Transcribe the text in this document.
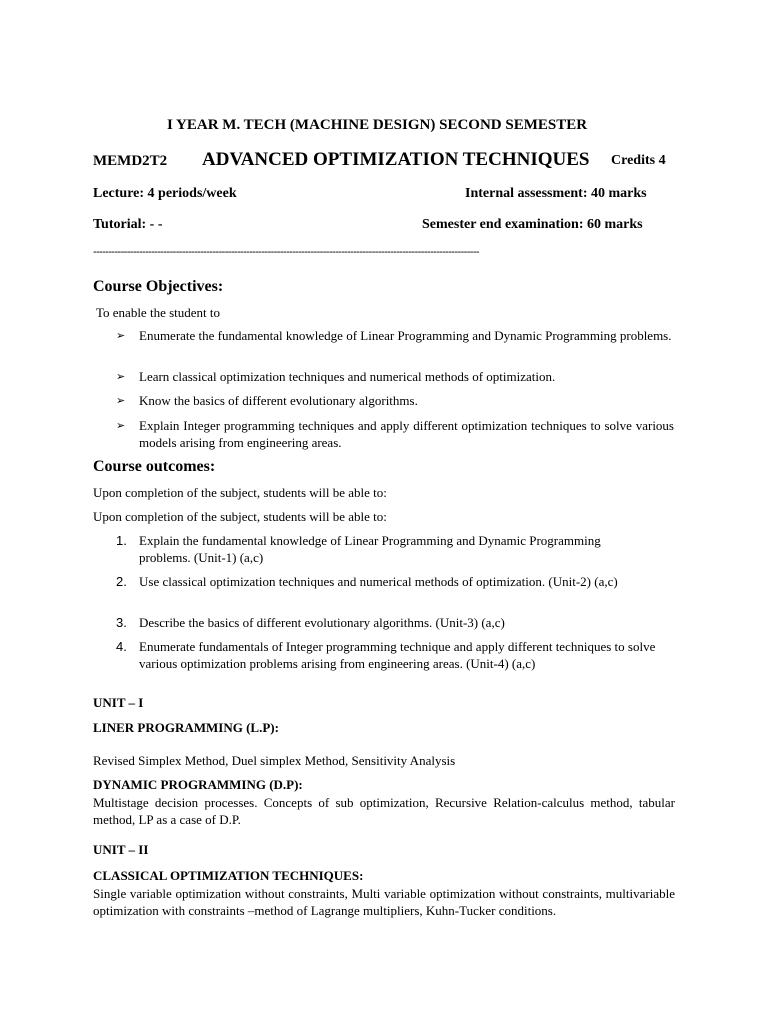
I YEAR M. TECH (MACHINE DESIGN) SECOND SEMESTER
MEMD2T2 ADVANCED OPTIMIZATION TECHNIQUES Credits 4
Lecture: 4 periods/week	Internal assessment: 40 marks
Tutorial: - -	Semester end examination: 60 marks
------------------------------------------------------------------------------------------------------------------------------
Course Objectives:
To enable the student to
➢ Enumerate the fundamental knowledge of Linear Programming and Dynamic Programming problems.
➢ Learn classical optimization techniques and numerical methods of optimization.
➢ Know the basics of different evolutionary algorithms.
➢ Explain Integer programming techniques and apply different optimization techniques to solve various models arising from engineering areas.
Course outcomes:
Upon completion of the subject, students will be able to:
Upon completion of the subject, students will be able to:
1. Explain the fundamental knowledge of Linear Programming and Dynamic Programming problems. (Unit-1) (a,c)
2. Use classical optimization techniques and numerical methods of optimization. (Unit-2) (a,c)
3. Describe the basics of different evolutionary algorithms. (Unit-3) (a,c)
4. Enumerate fundamentals of Integer programming technique and apply different techniques to solve various optimization problems arising from engineering areas. (Unit-4) (a,c)
UNIT – I
LINER PROGRAMMING (L.P):
Revised Simplex Method, Duel simplex Method, Sensitivity Analysis
DYNAMIC PROGRAMMING (D.P):
Multistage decision processes. Concepts of sub optimization, Recursive Relation-calculus method, tabular method, LP as a case of D.P.
UNIT – II
CLASSICAL OPTIMIZATION TECHNIQUES:
Single variable optimization without constraints, Multi variable optimization without constraints, multivariable optimization with constraints –method of Lagrange multipliers, Kuhn-Tucker conditions.
